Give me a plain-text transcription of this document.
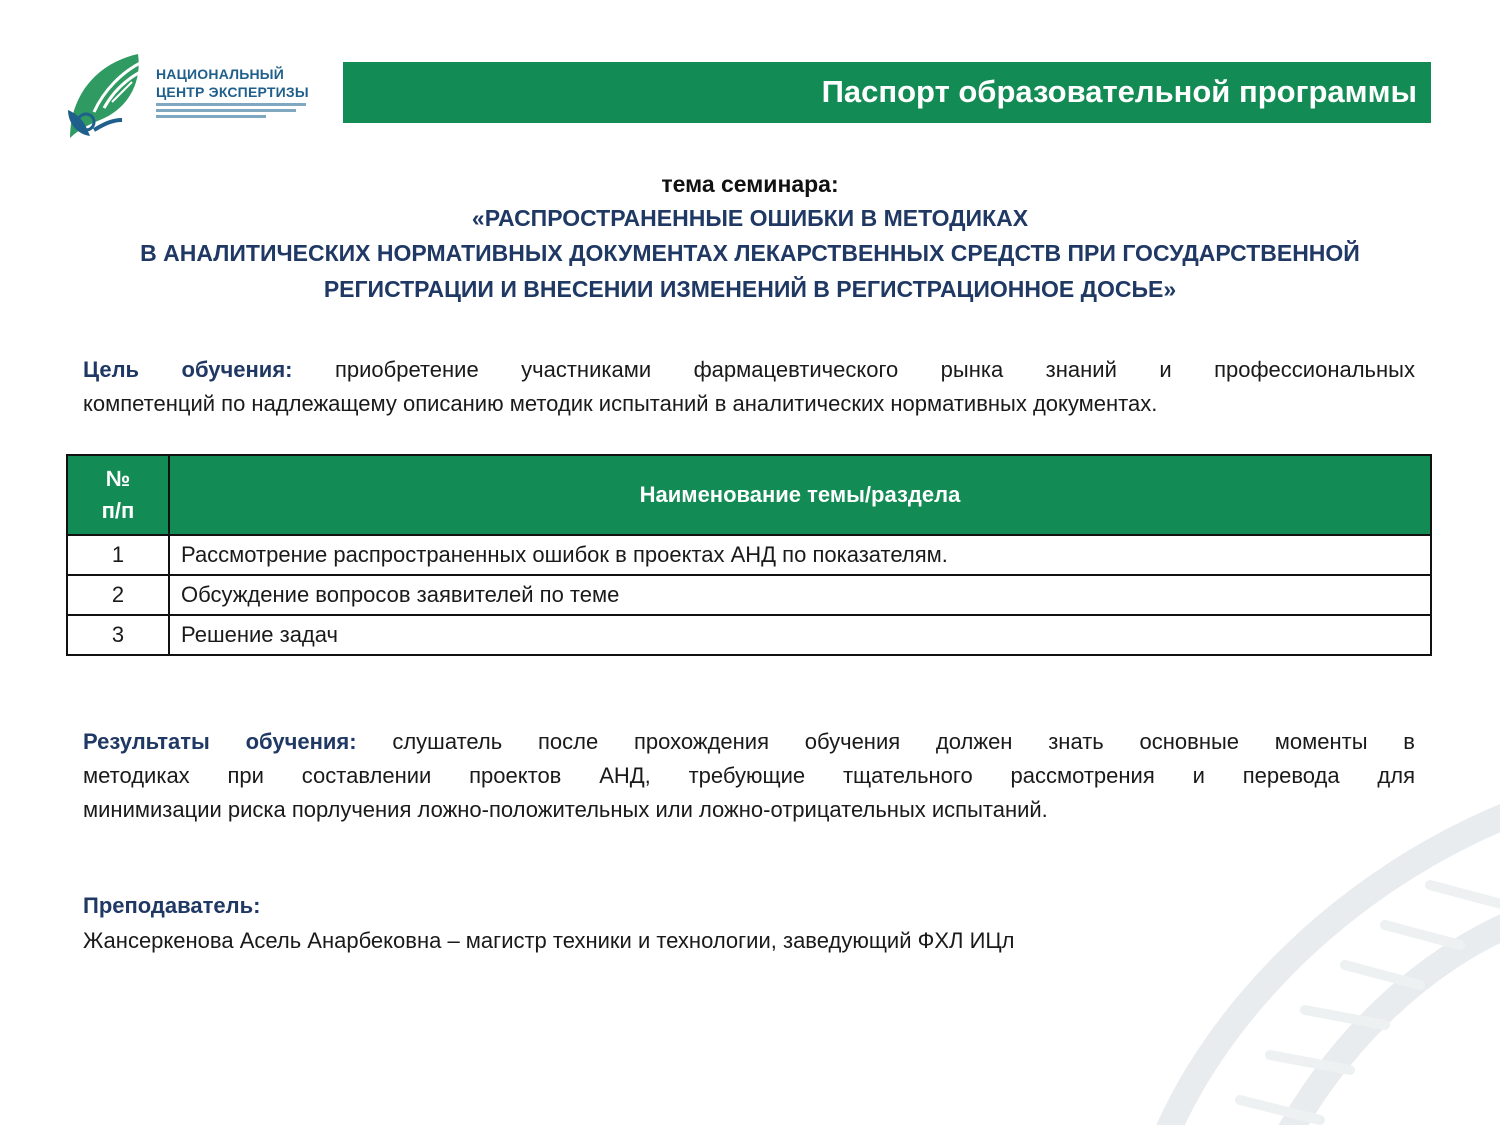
НАЦИОНАЛЬНЫЙ
ЦЕНТР ЭКСПЕРТИЗЫ	Паспорт образовательной программы
тема семинара:
«РАСПРОСТРАНЕННЫЕ ОШИБКИ В МЕТОДИКАХ
В АНАЛИТИЧЕСКИХ НОРМАТИВНЫХ ДОКУМЕНТАХ ЛЕКАРСТВЕННЫХ СРЕДСТВ ПРИ ГОСУДАРСТВЕННОЙ
РЕГИСТРАЦИИ И ВНЕСЕНИИ ИЗМЕНЕНИЙ В РЕГИСТРАЦИОННОЕ ДОСЬЕ»
Цель обучения: приобретение участниками фармацевтического рынка знаний и профессиональных
компетенций по надлежащему описанию методик испытаний в аналитических нормативных документах.
№
п/п	Наименование темы/раздела
1	Рассмотрение распространенных ошибок в проектах АНД по показателям.
2	Обсуждение вопросов заявителей по теме
3	Решение задач
Результаты обучения: слушатель после прохождения обучения должен знать основные моменты в
методиках при составлении проектов АНД, требующие тщательного рассмотрения и перевода для
минимизации риска порлучения ложно-положительных или ложно-отрицательных испытаний.
Преподаватель:
Жансеркенова Асель Анарбековна – магистр техники и технологии, заведующий ФХЛ ИЦл
